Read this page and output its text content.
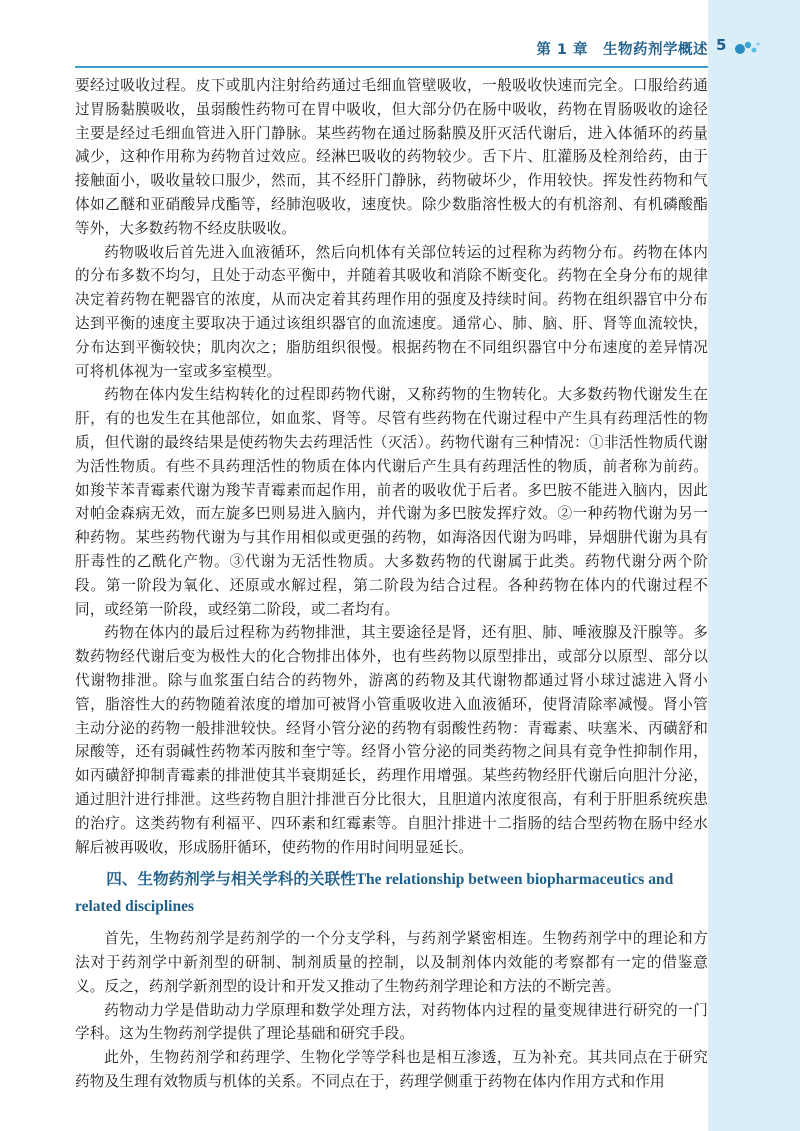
第 1 章　生物药剂学概述 5

要经过吸收过程。皮下或肌内注射给药通过毛细血管壁吸收，一般吸收快速而完全。口服给药通过胃肠黏膜吸收，虽弱酸性药物可在胃中吸收，但大部分仍在肠中吸收，药物在胃肠吸收的途径主要是经过毛细血管进入肝门静脉。某些药物在通过肠黏膜及肝灭活代谢后，进入体循环的药量减少，这种作用称为药物首过效应。经淋巴吸收的药物较少。舌下片、肛灌肠及栓剂给药，由于接触面小，吸收量较口服少，然而，其不经肝门静脉，药物破坏少，作用较快。挥发性药物和气体如乙醚和亚硝酸异戊酯等，经肺泡吸收，速度快。除少数脂溶性极大的有机溶剂、有机磷酸酯等外，大多数药物不经皮肤吸收。

药物吸收后首先进入血液循环，然后向机体有关部位转运的过程称为药物分布。药物在体内的分布多数不均匀，且处于动态平衡中，并随着其吸收和消除不断变化。药物在全身分布的规律决定着药物在靶器官的浓度，从而决定着其药理作用的强度及持续时间。药物在组织器官中分布达到平衡的速度主要取决于通过该组织器官的血流速度。通常心、肺、脑、肝、肾等血流较快，分布达到平衡较快；肌肉次之；脂肪组织很慢。根据药物在不同组织器官中分布速度的差异情况可将机体视为一室或多室模型。

药物在体内发生结构转化的过程即药物代谢，又称药物的生物转化。大多数药物代谢发生在肝，有的也发生在其他部位，如血浆、肾等。尽管有些药物在代谢过程中产生具有药理活性的物质，但代谢的最终结果是使药物失去药理活性（灭活）。药物代谢有三种情况：①非活性物质代谢为活性物质。有些不具药理活性的物质在体内代谢后产生具有药理活性的物质，前者称为前药。如羧苄苯青霉素代谢为羧苄青霉素而起作用，前者的吸收优于后者。多巴胺不能进入脑内，因此对帕金森病无效，而左旋多巴则易进入脑内，并代谢为多巴胺发挥疗效。②一种药物代谢为另一种药物。某些药物代谢为与其作用相似或更强的药物，如海洛因代谢为吗啡，异烟肼代谢为具有肝毒性的乙酰化产物。③代谢为无活性物质。大多数药物的代谢属于此类。药物代谢分两个阶段。第一阶段为氧化、还原或水解过程，第二阶段为结合过程。各种药物在体内的代谢过程不同，或经第一阶段，或经第二阶段，或二者均有。

药物在体内的最后过程称为药物排泄，其主要途径是肾，还有胆、肺、唾液腺及汗腺等。多数药物经代谢后变为极性大的化合物排出体外，也有些药物以原型排出，或部分以原型、部分以代谢物排泄。除与血浆蛋白结合的药物外，游离的药物及其代谢物都通过肾小球过滤进入肾小管，脂溶性大的药物随着浓度的增加可被肾小管重吸收进入血液循环，使肾清除率减慢。肾小管主动分泌的药物一般排泄较快。经肾小管分泌的药物有弱酸性药物：青霉素、呋塞米、丙磺舒和尿酸等，还有弱碱性药物苯丙胺和奎宁等。经肾小管分泌的同类药物之间具有竞争性抑制作用，如丙磺舒抑制青霉素的排泄使其半衰期延长，药理作用增强。某些药物经肝代谢后向胆汁分泌，通过胆汁进行排泄。这些药物自胆汁排泄百分比很大，且胆道内浓度很高，有利于肝胆系统疾患的治疗。这类药物有利福平、四环素和红霉素等。自胆汁排进十二指肠的结合型药物在肠中经水解后被再吸收，形成肠肝循环，使药物的作用时间明显延长。

四、生物药剂学与相关学科的关联性The relationship between biopharmaceutics and related disciplines

首先，生物药剂学是药剂学的一个分支学科，与药剂学紧密相连。生物药剂学中的理论和方法对于药剂学中新剂型的研制、制剂质量的控制，以及制剂体内效能的考察都有一定的借鉴意义。反之，药剂学新剂型的设计和开发又推动了生物药剂学理论和方法的不断完善。

药物动力学是借助动力学原理和数学处理方法，对药物体内过程的量变规律进行研究的一门学科。这为生物药剂学提供了理论基础和研究手段。

此外，生物药剂学和药理学、生物化学等学科也是相互渗透，互为补充。其共同点在于研究药物及生理有效物质与机体的关系。不同点在于，药理学侧重于药物在体内作用方式和作用
